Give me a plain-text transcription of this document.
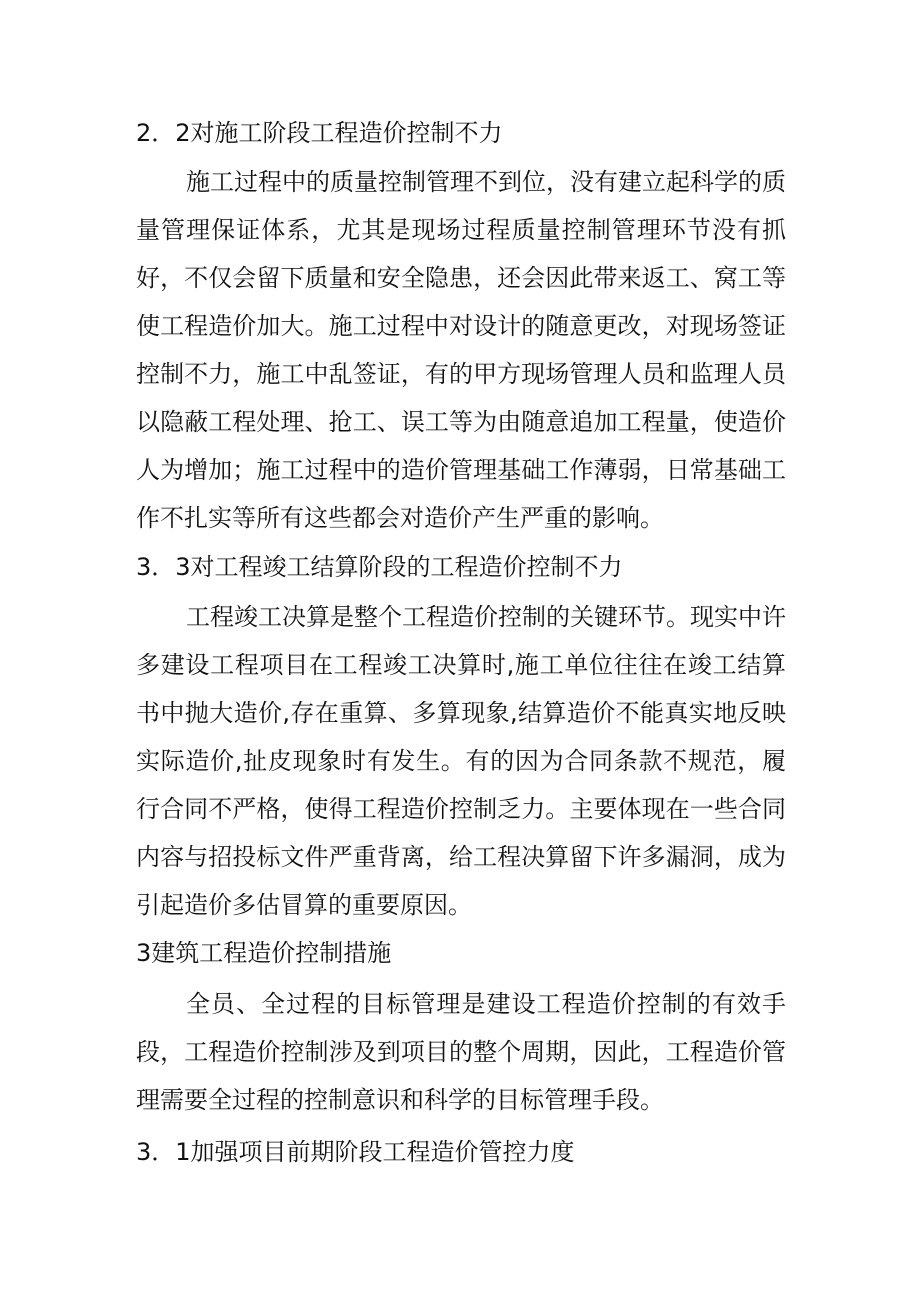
2．2对施工阶段工程造价控制不力
施工过程中的质量控制管理不到位，没有建立起科学的质量管理保证体系，尤其是现场过程质量控制管理环节没有抓好，不仅会留下质量和安全隐患，还会因此带来返工、窝工等使工程造价加大。施工过程中对设计的随意更改，对现场签证控制不力，施工中乱签证，有的甲方现场管理人员和监理人员以隐蔽工程处理、抢工、误工等为由随意追加工程量，使造价人为增加；施工过程中的造价管理基础工作薄弱，日常基础工作不扎实等所有这些都会对造价产生严重的影响。
3．3对工程竣工结算阶段的工程造价控制不力
工程竣工决算是整个工程造价控制的关键环节。现实中许多建设工程项目在工程竣工决算时,施工单位往往在竣工结算书中抛大造价,存在重算、多算现象,结算造价不能真实地反映实际造价,扯皮现象时有发生。有的因为合同条款不规范，履行合同不严格，使得工程造价控制乏力。主要体现在一些合同内容与招投标文件严重背离，给工程决算留下许多漏洞，成为引起造价多估冒算的重要原因。
3建筑工程造价控制措施
全员、全过程的目标管理是建设工程造价控制的有效手段，工程造价控制涉及到项目的整个周期，因此，工程造价管理需要全过程的控制意识和科学的目标管理手段。
3．1加强项目前期阶段工程造价管控力度
